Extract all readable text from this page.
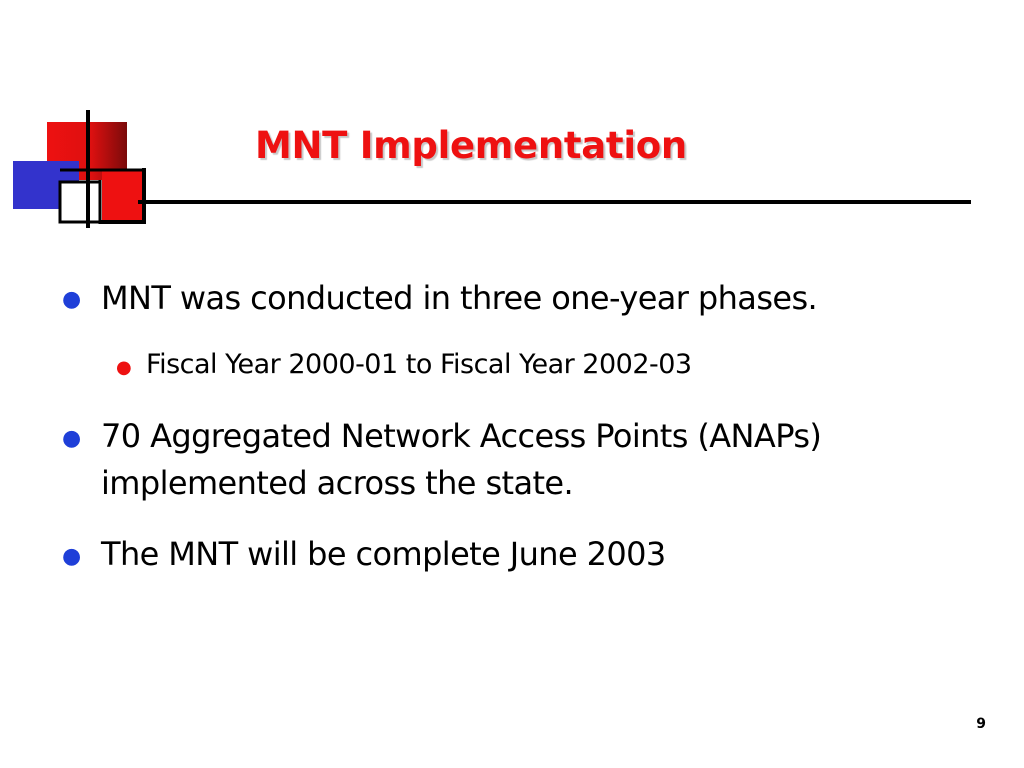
MNT Implementation
● MNT was conducted in three one-year phases.
● Fiscal Year 2000-01 to Fiscal Year 2002-03
● 70 Aggregated Network Access Points (ANAPs)
implemented across the state.
● The MNT will be complete June 2003
9
